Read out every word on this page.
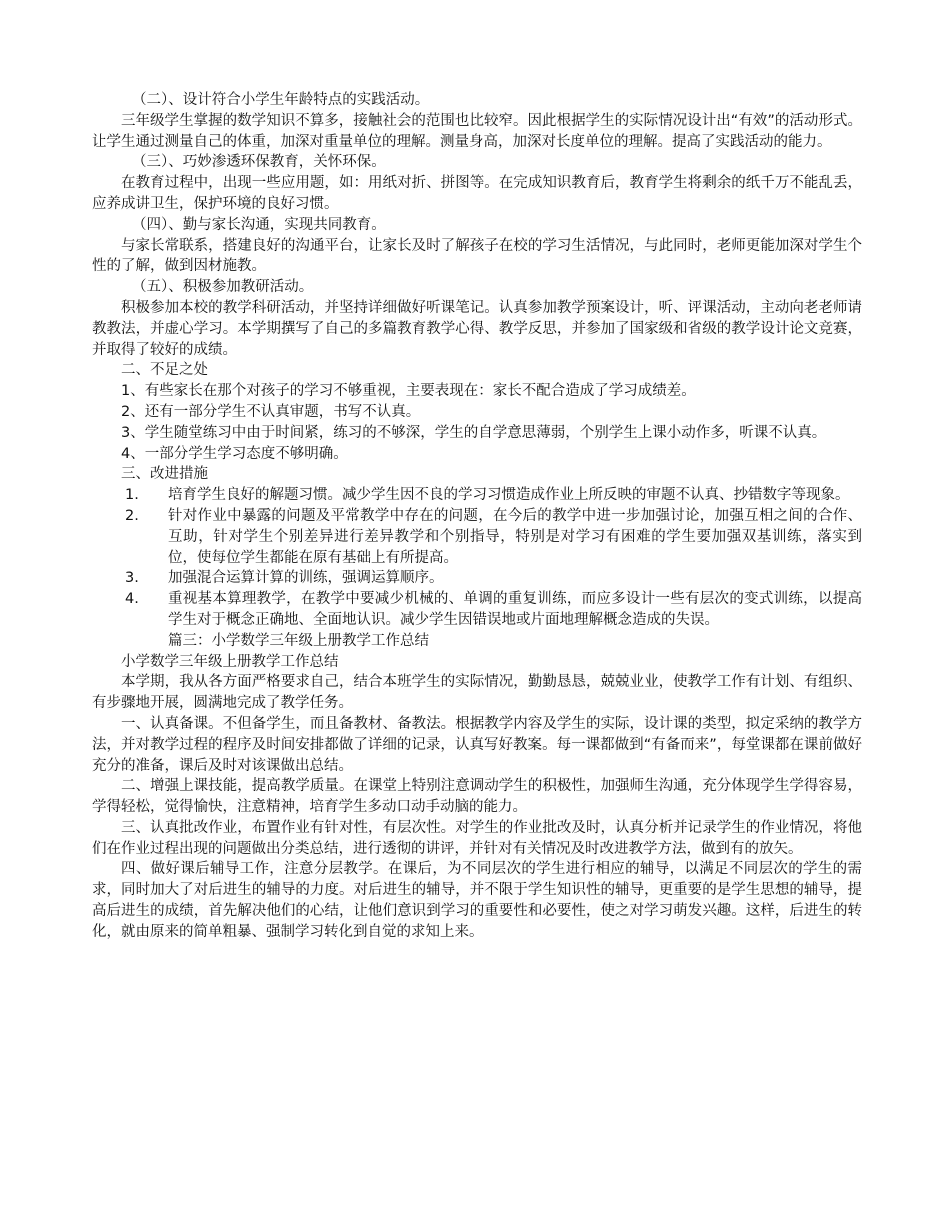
（二）、设计符合小学生年龄特点的实践活动。

三年级学生掌握的数学知识不算多，接触社会的范围也比较窄。因此根据学生的实际情况设计出“有效”的活动形式。让学生通过测量自己的体重，加深对重量单位的理解。测量身高，加深对长度单位的理解。提高了实践活动的能力。

（三）、巧妙渗透环保教育，关怀环保。

在教育过程中，出现一些应用题，如：用纸对折、拼图等。在完成知识教育后，教育学生将剩余的纸千万不能乱丢，应养成讲卫生，保护环境的良好习惯。

（四）、勤与家长沟通，实现共同教育。

与家长常联系，搭建良好的沟通平台，让家长及时了解孩子在校的学习生活情况，与此同时，老师更能加深对学生个性的了解，做到因材施教。

（五）、积极参加教研活动。

积极参加本校的教学科研活动，并坚持详细做好听课笔记。认真参加教学预案设计，听、评课活动，主动向老老师请教教法，并虚心学习。本学期撰写了自己的多篇教育教学心得、教学反思，并参加了国家级和省级的教学设计论文竞赛，并取得了较好的成绩。

二、不足之处

1、有些家长在那个对孩子的学习不够重视，主要表现在：家长不配合造成了学习成绩差。

2、还有一部分学生不认真审题，书写不认真。

3、学生随堂练习中由于时间紧，练习的不够深，学生的自学意思薄弱，个别学生上课小动作多，听课不认真。

4、一部分学生学习态度不够明确。

三、改进措施

1.	培育学生良好的解题习惯。减少学生因不良的学习习惯造成作业上所反映的审题不认真、抄错数字等现象。
2.	针对作业中暴露的问题及平常教学中存在的问题，在今后的教学中进一步加强讨论，加强互相之间的合作、互助，针对学生个别差异进行差异教学和个别指导，特别是对学习有困难的学生要加强双基训练，落实到位，使每位学生都能在原有基础上有所提高。
3.	加强混合运算计算的训练，强调运算顺序。
4.	重视基本算理教学，在教学中要减少机械的、单调的重复训练，而应多设计一些有层次的变式训练，以提高学生对于概念正确地、全面地认识。减少学生因错误地或片面地理解概念造成的失误。

篇三：小学数学三年级上册教学工作总结

小学数学三年级上册教学工作总结

本学期，我从各方面严格要求自己，结合本班学生的实际情况，勤勤恳恳，兢兢业业，使教学工作有计划、有组织、有步骤地开展，圆满地完成了教学任务。

一、认真备课。不但备学生，而且备教材、备教法。根据教学内容及学生的实际，设计课的类型，拟定采纳的教学方法，并对教学过程的程序及时间安排都做了详细的记录，认真写好教案。每一课都做到“有备而来”，每堂课都在课前做好充分的准备，课后及时对该课做出总结。

二、增强上课技能，提高教学质量。在课堂上特别注意调动学生的积极性，加强师生沟通，充分体现学生学得容易，学得轻松，觉得愉快，注意精神，培育学生多动口动手动脑的能力。

三、认真批改作业，布置作业有针对性，有层次性。对学生的作业批改及时，认真分析并记录学生的作业情况，将他们在作业过程出现的问题做出分类总结，进行透彻的讲评，并针对有关情况及时改进教学方法，做到有的放矢。

四、做好课后辅导工作，注意分层教学。在课后，为不同层次的学生进行相应的辅导，以满足不同层次的学生的需求，同时加大了对后进生的辅导的力度。对后进生的辅导，并不限于学生知识性的辅导，更重要的是学生思想的辅导，提高后进生的成绩，首先解决他们的心结，让他们意识到学习的重要性和必要性，使之对学习萌发兴趣。这样，后进生的转化，就由原来的简单粗暴、强制学习转化到自觉的求知上来。
